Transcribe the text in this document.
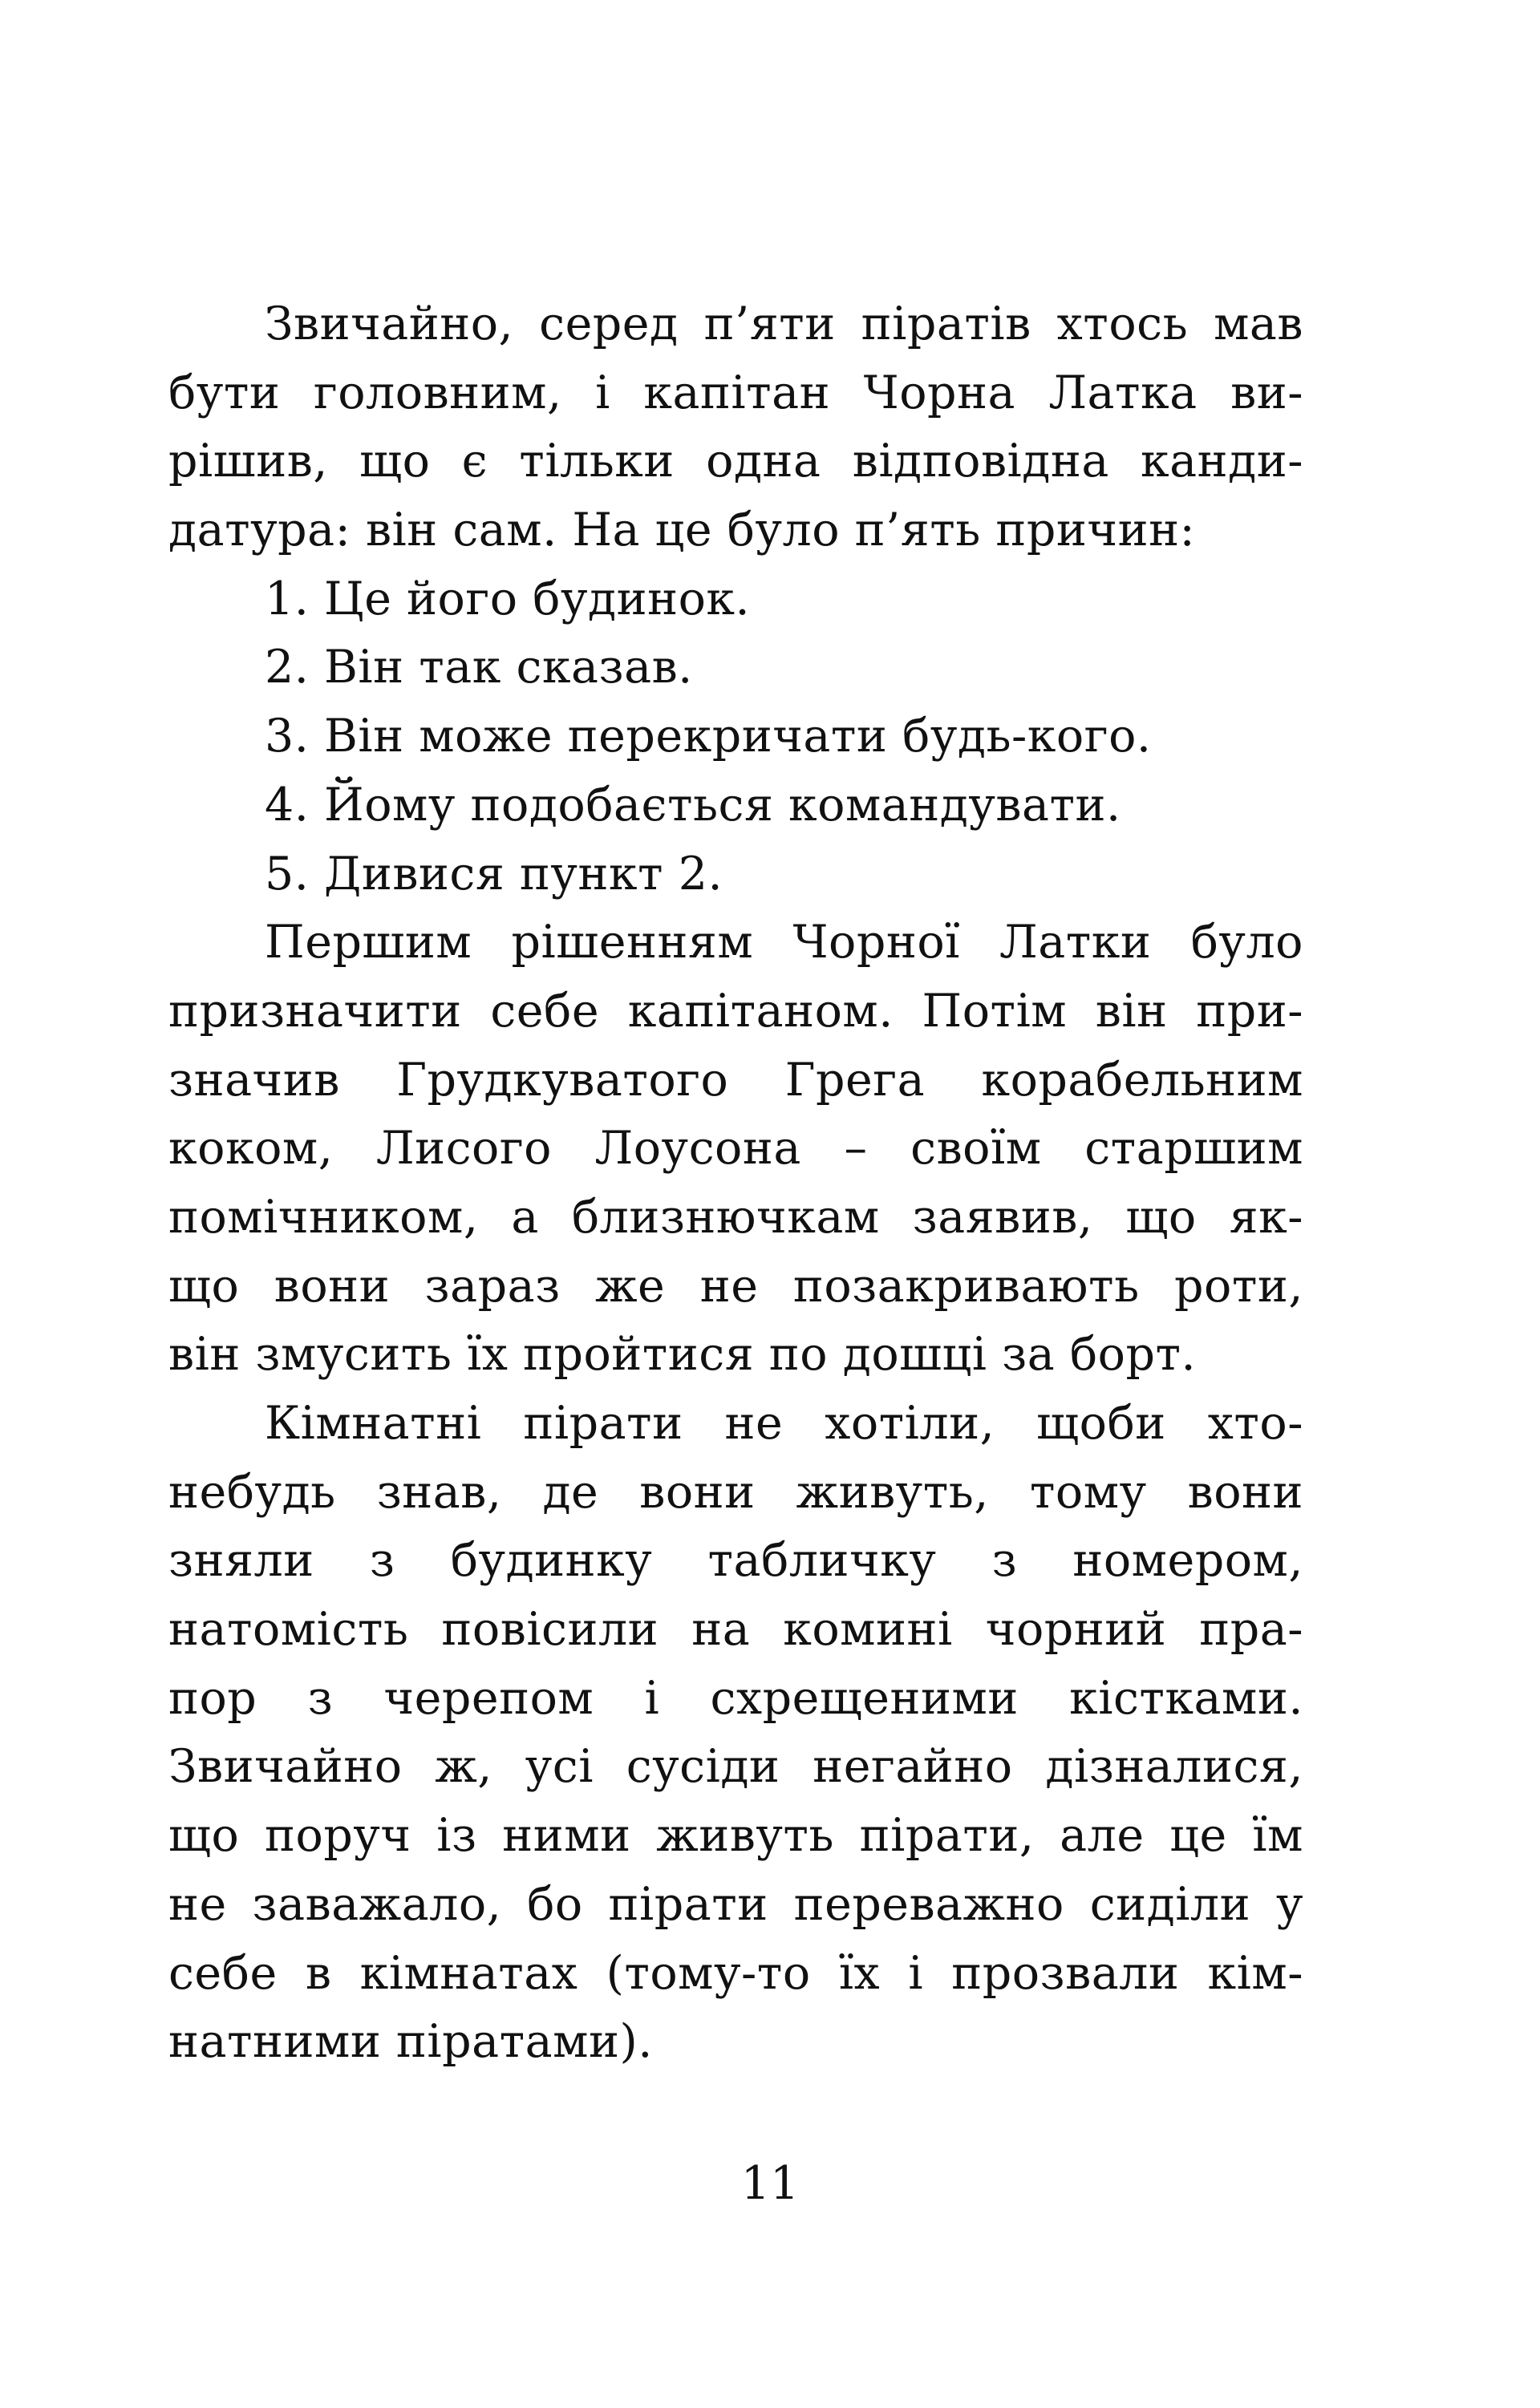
Звичайно, серед п’яти піратів хтось мав
бути головним, і капітан Чорна Латка ви-
рішив, що є тільки одна відповідна канди-
датура: він сам. На це було п’ять причин:
1. Це його будинок.
2. Він так сказав.
3. Він може перекричати будь-кого.
4. Йому подобається командувати.
5. Дивися пункт 2.
Першим рішенням Чорної Латки було
призначити себе капітаном. Потім він при-
значив Грудкуватого Грега корабельним
коком, Лисого Лоусона – своїм старшим
помічником, а близнючкам заявив, що як-
що вони зараз же не позакривають роти,
він змусить їх пройтися по дошці за борт.
Кімнатні пірати не хотіли, щоби хто-
небудь знав, де вони живуть, тому вони
зняли з будинку табличку з номером,
натомість повісили на комині чорний пра-
пор з черепом і схрещеними кістками.
Звичайно ж, усі сусіди негайно дізналися,
що поруч із ними живуть пірати, але це їм
не заважало, бо пірати переважно сиділи у
себе в кімнатах (тому-то їх і прозвали кім-
натними піратами).
11
